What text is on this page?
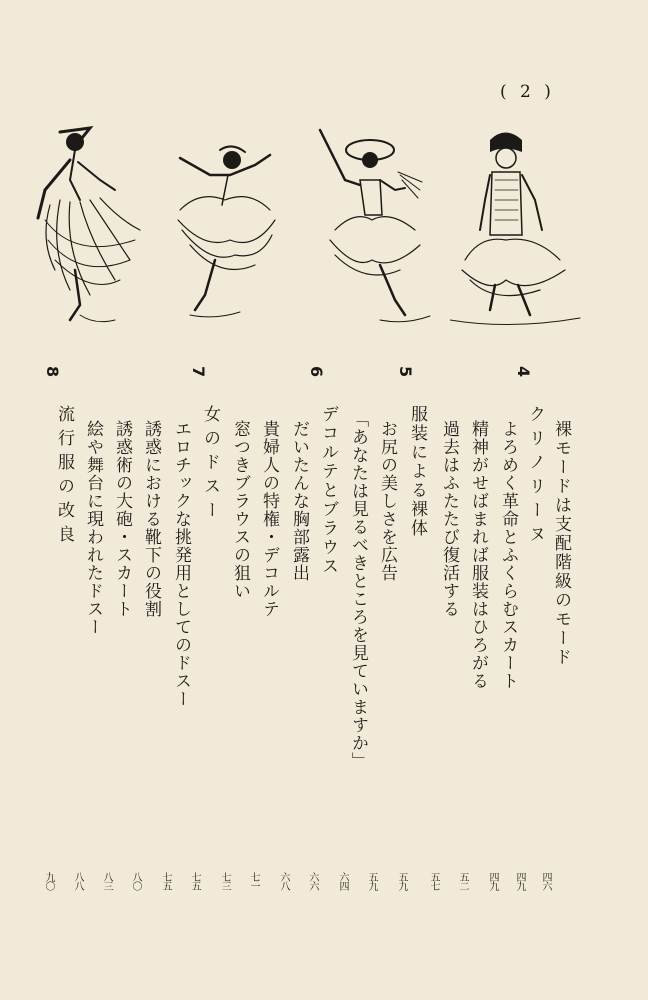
( 2 )
4
裸モードは支配階級のモード
四六
クリノリーヌ
四九
よろめく革命とふくらむスカート
四九
精神がせばまれば服装はひろがる
五二
過去はふたたび復活する
五七
5
服装による裸体
五九
お尻の美しさを広告
五九
「あなたは見るべきところを見ていますか」
六四
6
デコルテとブラウス
六六
だいたんな胸部露出
六八
貴婦人の特権・デコルテ
七一
窓つきブラウスの狙い
七三
7
女のドスー
七五
エロチックな挑発用としてのドスー
七五
誘惑における靴下の役割
八〇
誘惑術の大砲・スカート
八三
絵や舞台に現われたドスー
八八
8
流行服の改良
九〇
